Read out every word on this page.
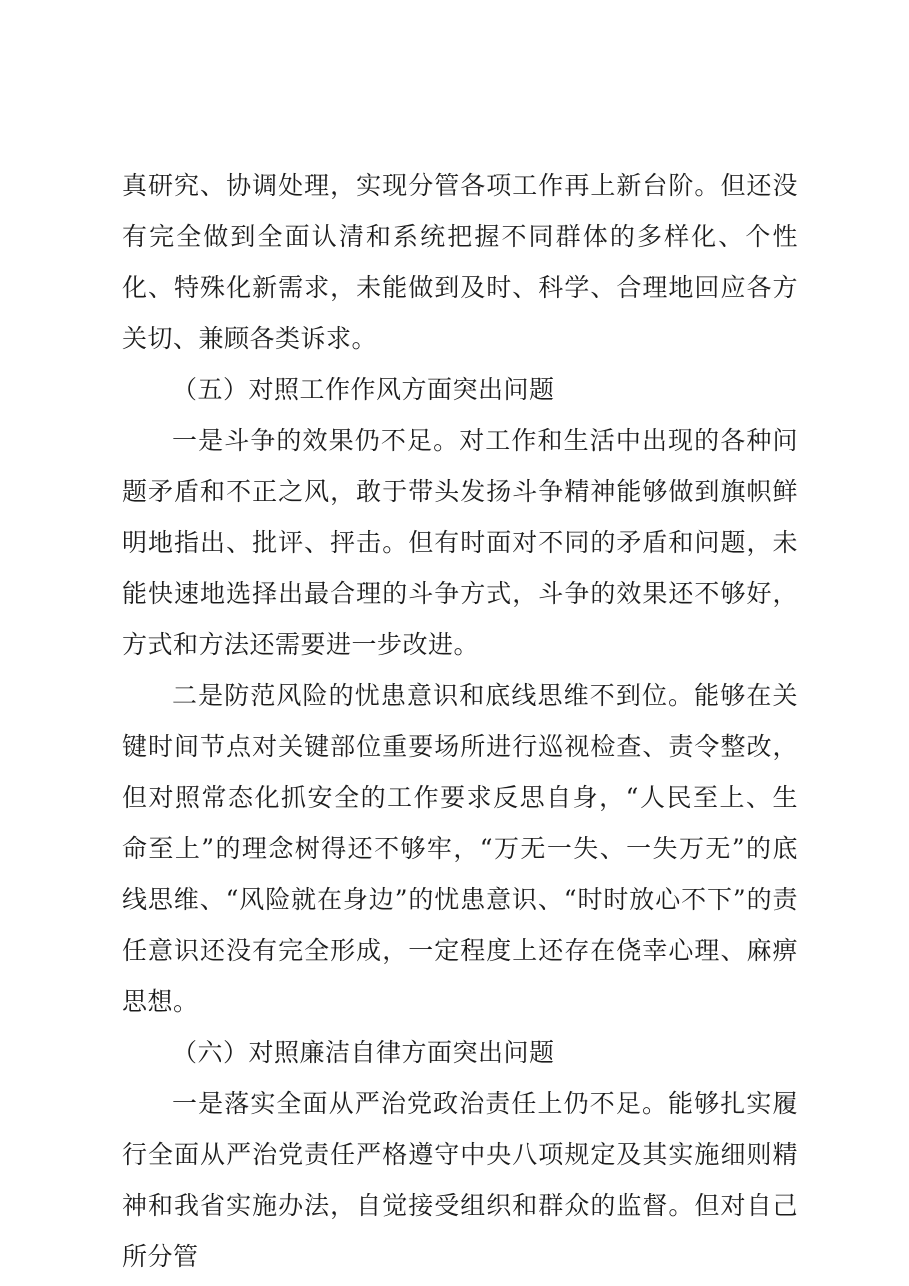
真研究、协调处理，实现分管各项工作再上新台阶。但还没有完全做到全面认清和系统把握不同群体的多样化、个性化、特殊化新需求，未能做到及时、科学、合理地回应各方关切、兼顾各类诉求。

（五）对照工作作风方面突出问题

一是斗争的效果仍不足。对工作和生活中出现的各种问题矛盾和不正之风，敢于带头发扬斗争精神能够做到旗帜鲜明地指出、批评、抨击。但有时面对不同的矛盾和问题，未能快速地选择出最合理的斗争方式，斗争的效果还不够好，方式和方法还需要进一步改进。

二是防范风险的忧患意识和底线思维不到位。能够在关键时间节点对关键部位重要场所进行巡视检查、责令整改，但对照常态化抓安全的工作要求反思自身，“人民至上、生命至上”的理念树得还不够牢，“万无一失、一失万无”的底线思维、“风险就在身边”的忧患意识、“时时放心不下”的责任意识还没有完全形成，一定程度上还存在侥幸心理、麻痹思想。

（六）对照廉洁自律方面突出问题

一是落实全面从严治党政治责任上仍不足。能够扎实履行全面从严治党责任严格遵守中央八项规定及其实施细则精神和我省实施办法，自觉接受组织和群众的监督。但对自己所分管
